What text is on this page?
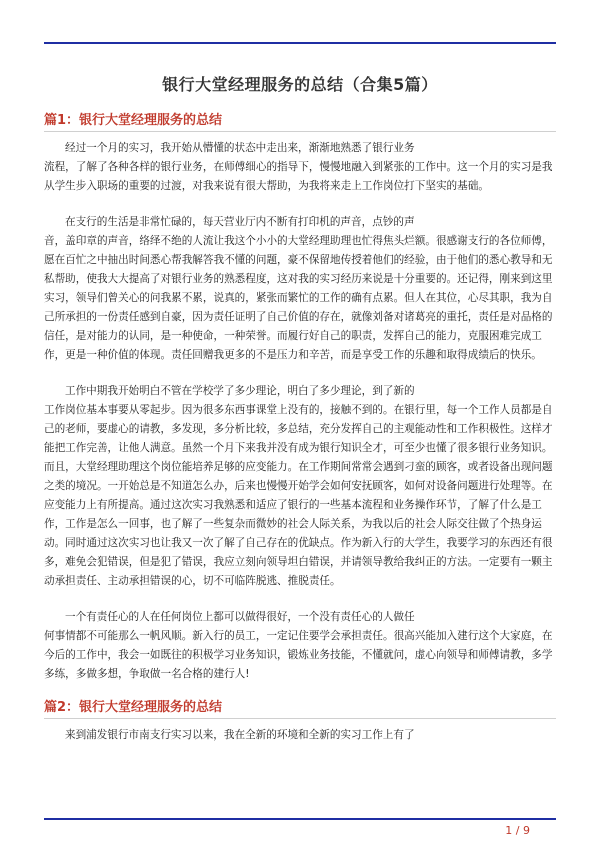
银行大堂经理服务的总结（合集5篇）
篇1：银行大堂经理服务的总结

经过一个月的实习，我开始从懵懂的状态中走出来，渐渐地熟悉了银行业务
流程，了解了各种各样的银行业务，在师傅细心的指导下，慢慢地融入到紧张的工作中。这一个月的实习是我从学生步入职场的重要的过渡，对我来说有很大帮助，为我将来走上工作岗位打下坚实的基础。

在支行的生活是非常忙碌的，每天营业厅内不断有打印机的声音，点钞的声
音，盖印章的声音，络绎不绝的人流让我这个小小的大堂经理助理也忙得焦头烂额。很感谢支行的各位师傅，愿在百忙之中抽出时间悉心帮我解答我不懂的问题，豪不保留地传授着他们的经验，由于他们的悉心教导和无私帮助，使我大大提高了对银行业务的熟悉程度，这对我的实习经历来说是十分重要的。还记得，刚来到这里实习，领导们曾关心的问我累不累，说真的，紧张而繁忙的工作的确有点累。但人在其位，心尽其职，我为自己所承担的一份责任感到自豪，因为责任证明了自己价值的存在，就像刘备对诸葛亮的重托，责任是对品格的信任，是对能力的认同，是一种使命，一种荣誉。而履行好自己的职责，发挥自己的能力，克服困难完成工作，更是一种价值的体现。责任回赠我更多的不是压力和辛苦，而是享受工作的乐趣和取得成绩后的快乐。

工作中期我开始明白不管在学校学了多少理论，明白了多少理论，到了新的
工作岗位基本事要从零起步。因为很多东西事课堂上没有的，接触不到的。在银行里，每一个工作人员都是自己的老师，要虚心的请教，多发现，多分析比较，多总结，充分发挥自己的主观能动性和工作积极性。这样才能把工作完善，让他人满意。虽然一个月下来我并没有成为银行知识全才，可至少也懂了很多银行业务知识。而且，大堂经理助理这个岗位能培养足够的应变能力。在工作期间常常会遇到刁蛮的顾客，或者设备出现问题之类的境况。一开始总是不知道怎么办，后来也慢慢开始学会如何安抚顾客，如何对设备问题进行处理等。在应变能力上有所提高。通过这次实习我熟悉和适应了银行的一些基本流程和业务操作环节，了解了什么是工作，工作是怎么一回事，也了解了一些复杂而微妙的社会人际关系，为我以后的社会人际交往做了个热身运动。同时通过这次实习也让我又一次了解了自己存在的优缺点。作为新入行的大学生，我要学习的东西还有很多，难免会犯错误，但是犯了错误，我应立刻向领导坦白错误，并请领导教给我纠正的方法。一定要有一颗主动承担责任、主动承担错误的心，切不可临阵脱逃、推脱责任。

一个有责任心的人在任何岗位上都可以做得很好，一个没有责任心的人做任
何事情都不可能那么一帆风顺。新入行的员工，一定记住要学会承担责任。很高兴能加入建行这个大家庭，在今后的工作中，我会一如既往的积极学习业务知识，锻炼业务技能，不懂就问，虚心向领导和师傅请教，多学多练，多做多想，争取做一名合格的建行人!

篇2：银行大堂经理服务的总结

来到浦发银行市南支行实习以来，我在全新的环境和全新的实习工作上有了

1 / 9
